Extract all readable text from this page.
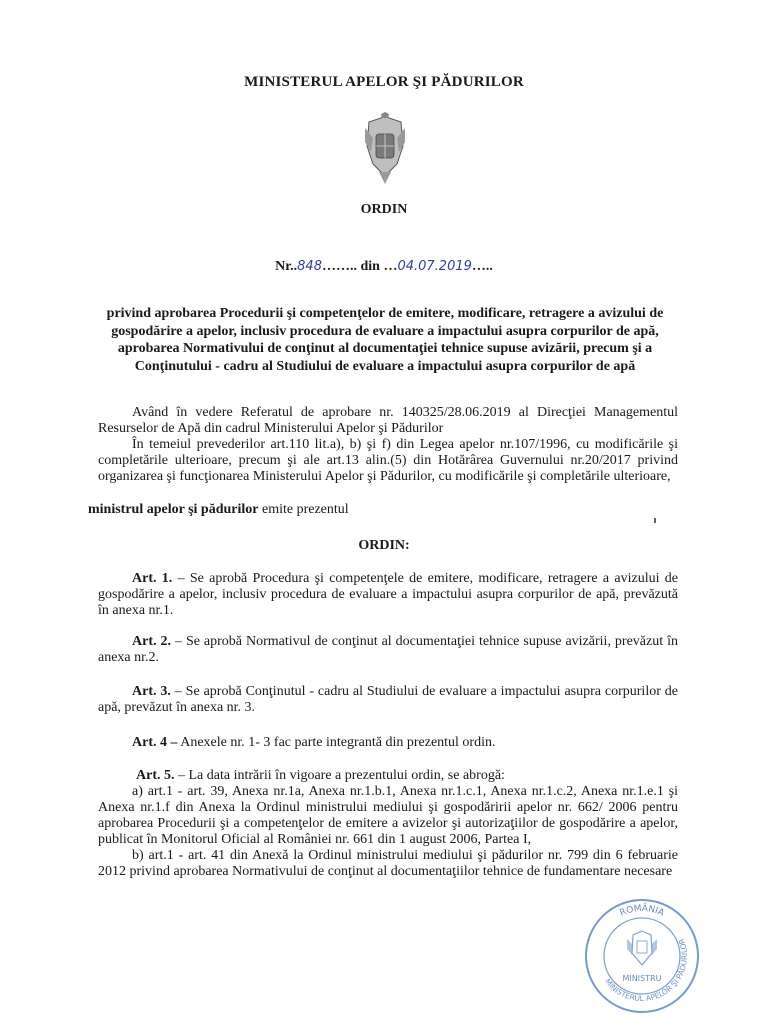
MINISTERUL APELOR ŞI PĂDURILOR
ORDIN
Nr..848…….. din …04.07.2019…..
privind aprobarea Procedurii şi competenţelor de emitere, modificare, retragere a avizului de gospodărire a apelor, inclusiv procedura de evaluare a impactului asupra corpurilor de apă, aprobarea Normativului de conţinut al documentaţiei tehnice supuse avizării, precum şi a Conţinutului - cadru al Studiului de evaluare a impactului asupra corpurilor de apă
Având în vedere Referatul de aprobare nr. 140325/28.06.2019 al Direcţiei Managementul Resurselor de Apă din cadrul Ministerului Apelor şi Pădurilor
În temeiul prevederilor art.110 lit.a), b) şi f) din Legea apelor nr.107/1996, cu modificările şi completările ulterioare, precum şi ale art.13 alin.(5) din Hotărârea Guvernului nr.20/2017 privind organizarea şi funcţionarea Ministerului Apelor şi Pădurilor, cu modificările şi completările ulterioare,
ministrul apelor şi pădurilor emite prezentul
ORDIN:
Art. 1. – Se aprobă Procedura şi competenţele de emitere, modificare, retragere a avizului de gospodărire a apelor, inclusiv procedura de evaluare a impactului asupra corpurilor de apă, prevăzută în anexa nr.1.
Art. 2. – Se aprobă Normativul de conţinut al documentaţiei tehnice supuse avizării, prevăzut în anexa nr.2.
Art. 3. – Se aprobă Conţinutul - cadru al Studiului de evaluare a impactului asupra corpurilor de apă, prevăzut în anexa nr. 3.
Art. 4 – Anexele nr. 1- 3 fac parte integrantă din prezentul ordin.
Art. 5. – La data intrării în vigoare a prezentului ordin, se abrogă:
a) art.1 - art. 39, Anexa nr.1a, Anexa nr.1.b.1, Anexa nr.1.c.1, Anexa nr.1.c.2, Anexa nr.1.e.1 şi Anexa nr.1.f din Anexa la Ordinul ministrului mediului şi gospodăririi apelor nr. 662/ 2006 pentru aprobarea Procedurii şi a competenţelor de emitere a avizelor şi autorizaţiilor de gospodărire a apelor, publicat în Monitorul Oficial al României nr. 661 din 1 august 2006, Partea I,
b) art.1 - art. 41 din Anexă la Ordinul ministrului mediului şi pădurilor nr. 799 din 6 februarie 2012 privind aprobarea Normativului de conţinut al documentaţiilor tehnice de fundamentare necesare
ROMÂNIA
MINISTERUL APELOR ŞI PĂDURILOR
MINISTRU
